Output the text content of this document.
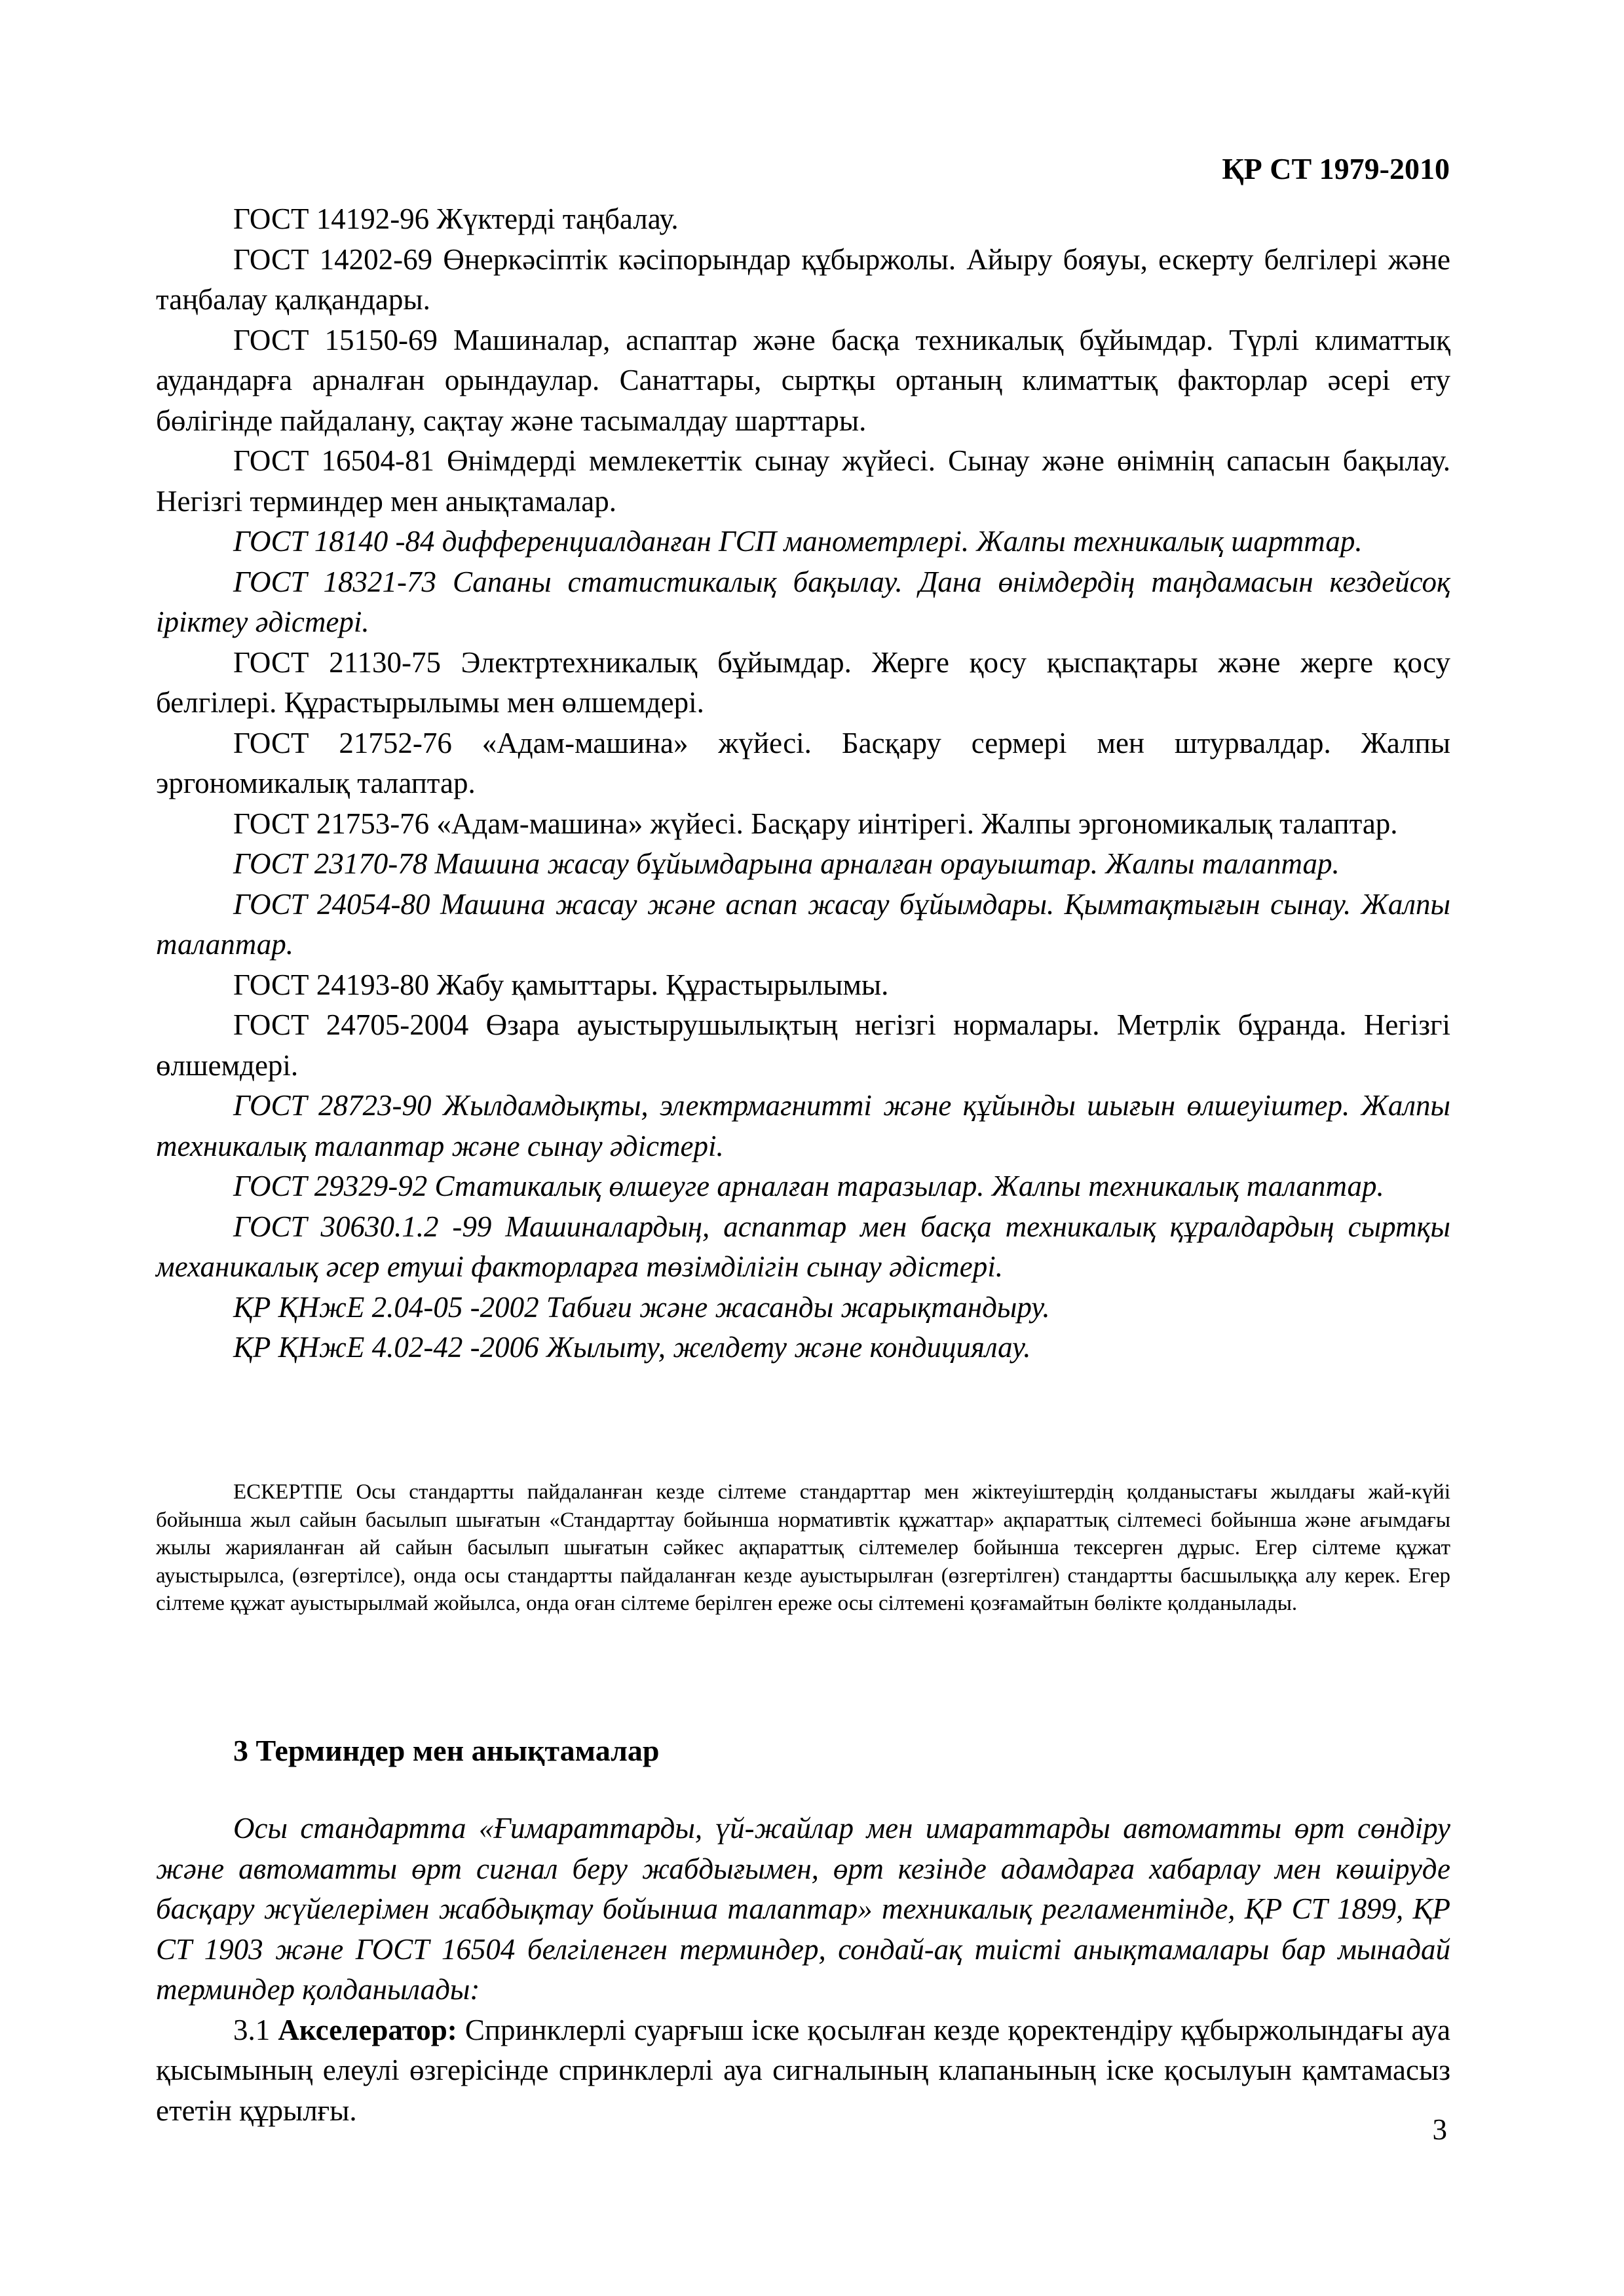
ҚР СТ 1979-2010

ГОСТ 14192-96 Жүктерді таңбалау.

ГОСТ 14202-69 Өнеркәсіптік кәсіпорындар құбыржолы. Айыру бояуы, ескерту белгілері және таңбалау қалқандары.

ГОСТ 15150-69 Машиналар, аспаптар және басқа техникалық бұйымдар. Түрлі климаттық аудандарға арналған орындаулар. Санаттары, сыртқы ортаның климаттық факторлар әсері ету бөлігінде пайдалану, сақтау және тасымалдау шарттары.

ГОСТ 16504-81 Өнімдерді мемлекеттік сынау жүйесі. Сынау және өнімнің сапасын бақылау. Негізгі терминдер мен анықтамалар.

ГОСТ 18140 -84 дифференциалданған ГСП манометрлері. Жалпы техникалық шарттар.

ГОСТ 18321-73 Сапаны статистикалық бақылау. Дана өнімдердің таңдамасын кездейсоқ іріктеу әдістері.

ГОСТ 21130-75 Электртехникалық бұйымдар. Жерге қосу қыспақтары және жерге қосу белгілері. Құрастырылымы мен өлшемдері.

ГОСТ 21752-76 «Адам-машина» жүйесі. Басқару сермері мен штурвалдар. Жалпы эргономикалық талаптар.

ГОСТ 21753-76 «Адам-машина» жүйесі. Басқару иінтірегі. Жалпы эргономикалық талаптар.

ГОСТ 23170-78 Машина жасау бұйымдарына арналған орауыштар. Жалпы талаптар.

ГОСТ 24054-80 Машина жасау және аспап жасау бұйымдары. Қымтақтығын сынау. Жалпы талаптар.

ГОСТ 24193-80 Жабу қамыттары. Құрастырылымы.

ГОСТ 24705-2004 Өзара ауыстырушылықтың негізгі нормалары. Метрлік бұранда. Негізгі өлшемдері.

ГОСТ 28723-90 Жылдамдықты, электрмагнитті және құйынды шығын өлшеуіштер. Жалпы техникалық талаптар және сынау әдістері.

ГОСТ 29329-92 Статикалық өлшеуге арналған таразылар. Жалпы техникалық талаптар.

ГОСТ 30630.1.2 -99 Машиналардың, аспаптар мен басқа техникалық құралдардың сыртқы механикалық әсер етуші факторларға төзімділігін сынау әдістері.

ҚР ҚНжЕ 2.04-05 -2002 Табиғи және жасанды жарықтандыру.

ҚР ҚНжЕ 4.02-42 -2006 Жылыту, желдету және кондициялау.

ЕСКЕРТПЕ Осы стандартты пайдаланған кезде сілтеме стандарттар мен жіктеуіштердің қолданыстағы жылдағы жай-күйі бойынша жыл сайын басылып шығатын «Стандарттау бойынша нормативтік құжаттар» ақпараттық сілтемесі бойынша және ағымдағы жылы жарияланған ай сайын басылып шығатын сәйкес ақпараттық сілтемелер бойынша тексерген дұрыс. Егер сілтеме құжат ауыстырылса, (өзгертілсе), онда осы стандартты пайдаланған кезде ауыстырылған (өзгертілген) стандартты басшылыққа алу керек. Егер сілтеме құжат ауыстырылмай жойылса, онда оған сілтеме берілген ереже осы сілтемені қозғамайтын бөлікте қолданылады.

3 Терминдер мен анықтамалар

Осы стандартта «Ғимараттарды, үй-жайлар мен имараттарды автоматты өрт сөндіру және автоматты өрт сигнал беру жабдығымен, өрт кезінде адамдарға хабарлау мен көшіруде басқару жүйелерімен жабдықтау бойынша талаптар» техникалық регламентінде, ҚР СТ 1899, ҚР СТ 1903 және ГОСТ 16504 белгіленген терминдер, сондай-ақ тиісті анықтамалары бар мынадай терминдер қолданылады:

3.1 Акселератор: Спринклерлі суарғыш іске қосылған кезде қоректендіру құбыржолындағы ауа қысымының елеулі өзгерісінде спринклерлі ауа сигналының клапанының іске қосылуын қамтамасыз ететін құрылғы.

3
